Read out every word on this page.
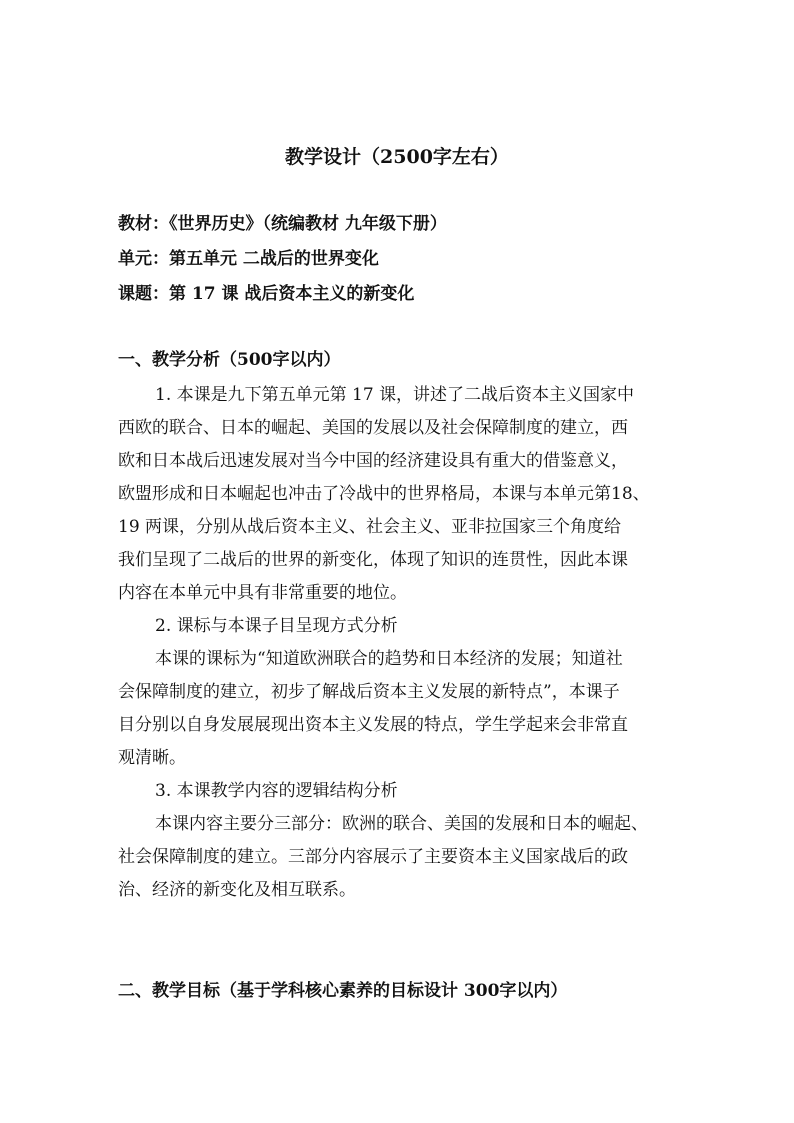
教学设计（2500字左右）
教材：《世界历史》（统编教材 九年级下册）
单元：第五单元 二战后的世界变化
课题：第 17 课 战后资本主义的新变化
一、教学分析（500字以内）
1. 本课是九下第五单元第 17 课，讲述了二战后资本主义国家中
西欧的联合、日本的崛起、美国的发展以及社会保障制度的建立，西
欧和日本战后迅速发展对当今中国的经济建设具有重大的借鉴意义，
欧盟形成和日本崛起也冲击了冷战中的世界格局，本课与本单元第18、
19 两课，分别从战后资本主义、社会主义、亚非拉国家三个角度给
我们呈现了二战后的世界的新变化，体现了知识的连贯性，因此本课
内容在本单元中具有非常重要的地位。
2. 课标与本课子目呈现方式分析
本课的课标为“知道欧洲联合的趋势和日本经济的发展；知道社
会保障制度的建立，初步了解战后资本主义发展的新特点”，本课子
目分别以自身发展展现出资本主义发展的特点，学生学起来会非常直
观清晰。
3. 本课教学内容的逻辑结构分析
本课内容主要分三部分：欧洲的联合、美国的发展和日本的崛起、
社会保障制度的建立。三部分内容展示了主要资本主义国家战后的政
治、经济的新变化及相互联系。
二、教学目标（基于学科核心素养的目标设计 300字以内）
